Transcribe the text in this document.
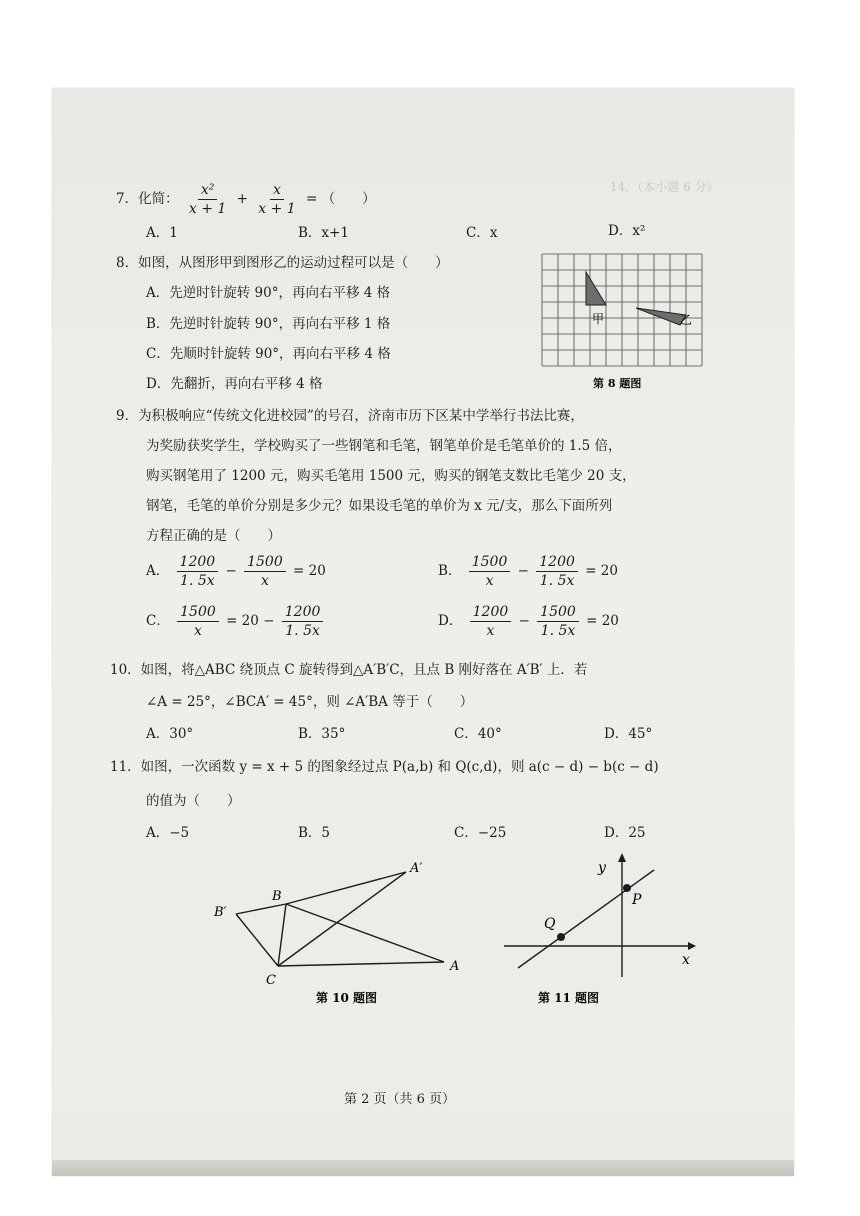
14．（本小题 6 分）
7．化简： $\frac{\text{x²}}{x + 1} + \frac{x}{x + 1}$ = （　　）
A．1	B．x+1	C．x	D．x²
8．如图，从图形甲到图形乙的运动过程可以是（　　）
A．先逆时针旋转 90°，再向右平移 4 格
B．先逆时针旋转 90°，再向右平移 1 格
C．先顺时针旋转 90°，再向右平移 4 格
D．先翻折，再向右平移 4 格
甲	乙
第 8 题图
9．为积极响应“传统文化进校园”的号召，济南市历下区某中学举行书法比赛，
为奖励获奖学生，学校购买了一些钢笔和毛笔，钢笔单价是毛笔单价的 1.5 倍，
购买钢笔用了 1200 元，购买毛笔用 1500 元，购买的钢笔支数比毛笔少 20 支，
钢笔，毛笔的单价分别是多少元？如果设毛笔的单价为 x 元/支，那么下面所列
方程正确的是（　　）
A． $\frac{1200}{1. 5x} - \frac{1500}{x} = 20$	B． $\frac{1500}{x} - \frac{1200}{1. 5x} = 20$
C． $\frac{1500}{x} = 20 - \frac{1200}{1. 5x}$	D． $\frac{1200}{x} - \frac{1500}{1. 5x} = 20$
10．如图，将△ABC 绕顶点 C 旋转得到△A′B′C，且点 B 刚好落在 A′B′ 上．若
∠A = 25°，∠BCA′ = 45°，则 ∠A′BA 等于（　　）
A．30°	B．35°	C．40°	D．45°
11．如图，一次函数 y = x + 5 的图象经过点 P(a,b) 和 Q(c,d)，则 a(c − d) − b(c − d)
的值为（　　）
A．−5	B．5	C．−25	D．25
A′
B
B′
C
A
第 10 题图
x
y
P
Q
第 11 题图
第 2 页（共 6 页）
